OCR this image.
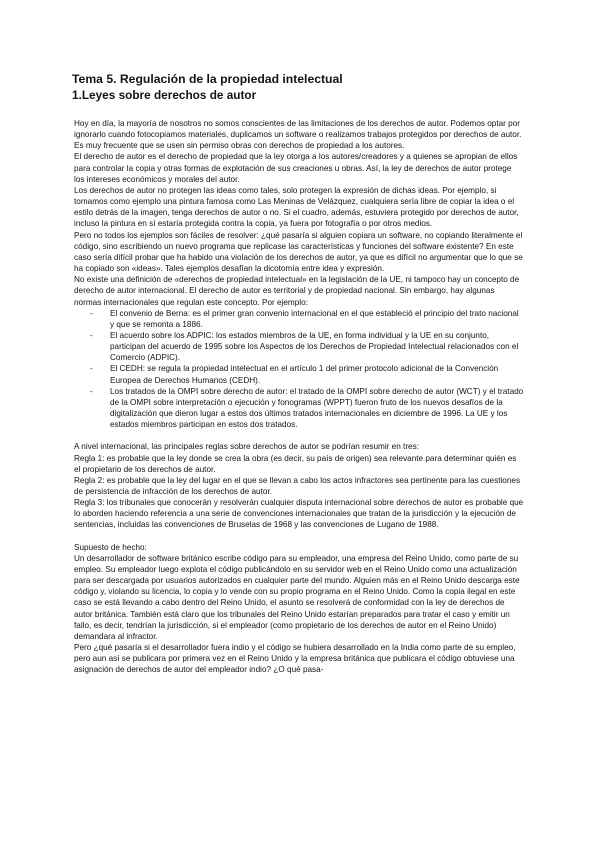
Tema 5. Regulación de la propiedad intelectual
1.Leyes sobre derechos de autor

Hoy en día, la mayoría de nosotros no somos conscientes de las limitaciones de los derechos de autor. Podemos optar por ignorarlo cuando fotocopiamos materiales, duplicamos un software o realizamos trabajos protegidos por derechos de autor. Es muy frecuente que se usen sin permiso obras con derechos de propiedad a los autores.

El derecho de autor es el derecho de propiedad que la ley otorga a los autores/creadores y a quienes se apropian de ellos para controlar la copia y otras formas de explotación de sus creaciones u obras. Así, la ley de derechos de autor protege los intereses económicos y morales del autor.

Los derechos de autor no protegen las ideas como tales, solo protegen la expresión de dichas ideas. Por ejemplo, si tomamos como ejemplo una pintura famosa como Las Meninas de Velázquez, cualquiera sería libre de copiar la idea o el estilo detrás de la imagen, tenga derechos de autor o no. Si el cuadro, además, estuviera protegido por derechos de autor, incluso la pintura en sí estaría protegida contra la copia, ya fuera por fotografía o por otros medios.

Pero no todos los ejemplos son fáciles de resolver: ¿qué pasaría si alguien copiara un software, no copiando literalmente el código, sino escribiendo un nuevo programa que replicase las características y funciones del software existente? En este caso sería difícil probar que ha habido una violación de los derechos de autor, ya que es difícil no argumentar que lo que se ha copiado son «ideas». Tales ejemplos desafían la dicotomía entre idea y expresión.

No existe una definición de «derechos de propiedad intelectual» en la legislación de la UE, ni tampoco hay un concepto de derecho de autor internacional. El derecho de autor es territorial y de propiedad nacional. Sin embargo, hay algunas normas internacionales que regulan este concepto. Por ejemplo:

- El convenio de Berna: es el primer gran convenio internacional en el que estableció el principio del trato nacional y que se remonta a 1886.
- El acuerdo sobre los ADPIC: los estados miembros de la UE, en forma individual y la UE en su conjunto, participan del acuerdo de 1995 sobre los Aspectos de los Derechos de Propiedad Intelectual relacionados con el Comercio (ADPIC).
- El CEDH: se regula la propiedad intelectual en el artículo 1 del primer protocolo adicional de la Convención Europea de Derechos Humanos (CEDH).
- Los tratados de la OMPI sobre derecho de autor: el tratado de la OMPI sobre derecho de autor (WCT) y el tratado de la OMPI sobre interpretación o ejecución y fonogramas (WPPT) fueron fruto de los nuevos desafíos de la digitalización que dieron lugar a estos dos últimos tratados internacionales en diciembre de 1996. La UE y los estados miembros participan en estos dos tratados.

A nivel internacional, las principales reglas sobre derechos de autor se podrían resumir en tres:

Regla 1: es probable que la ley donde se crea la obra (es decir, su país de origen) sea relevante para determinar quién es el propietario de los derechos de autor.

Regla 2: es probable que la ley del lugar en el que se llevan a cabo los actos infractores sea pertinente para las cuestiones de persistencia de infracción de los derechos de autor.

Regla 3: los tribunales que conocerán y resolverán cualquier disputa internacional sobre derechos de autor es probable que lo aborden haciendo referencia a una serie de convenciones internacionales que tratan de la jurisdicción y la ejecución de sentencias, incluidas las convenciones de Bruselas de 1968 y las convenciones de Lugano de 1988.

Supuesto de hecho:

Un desarrollador de software británico escribe código para su empleador, una empresa del Reino Unido, como parte de su empleo. Su empleador luego explota el código publicándolo en su servidor web en el Reino Unido como una actualización para ser descargada por usuarios autorizados en cualquier parte del mundo. Alguien más en el Reino Unido descarga este código y, violando su licencia, lo copia y lo vende con su propio programa en el Reino Unido. Como la copia ilegal en este caso se está llevando a cabo dentro del Reino Unido, el asunto se resolverá de conformidad con la ley de derechos de autor británica. También está claro que los tribunales del Reino Unido estarían preparados para tratar el caso y emitir un fallo, es decir, tendrían la jurisdicción, si el empleador (como propietario de los derechos de autor en el Reino Unido) demandara al infractor.

Pero ¿qué pasaría si el desarrollador fuera indio y el código se hubiera desarrollado en la India como parte de su empleo, pero aun así se publicara por primera vez en el Reino Unido y la empresa británica que publicara el código obtuviese una asignación de derechos de autor del empleador indio? ¿O qué pasa-
